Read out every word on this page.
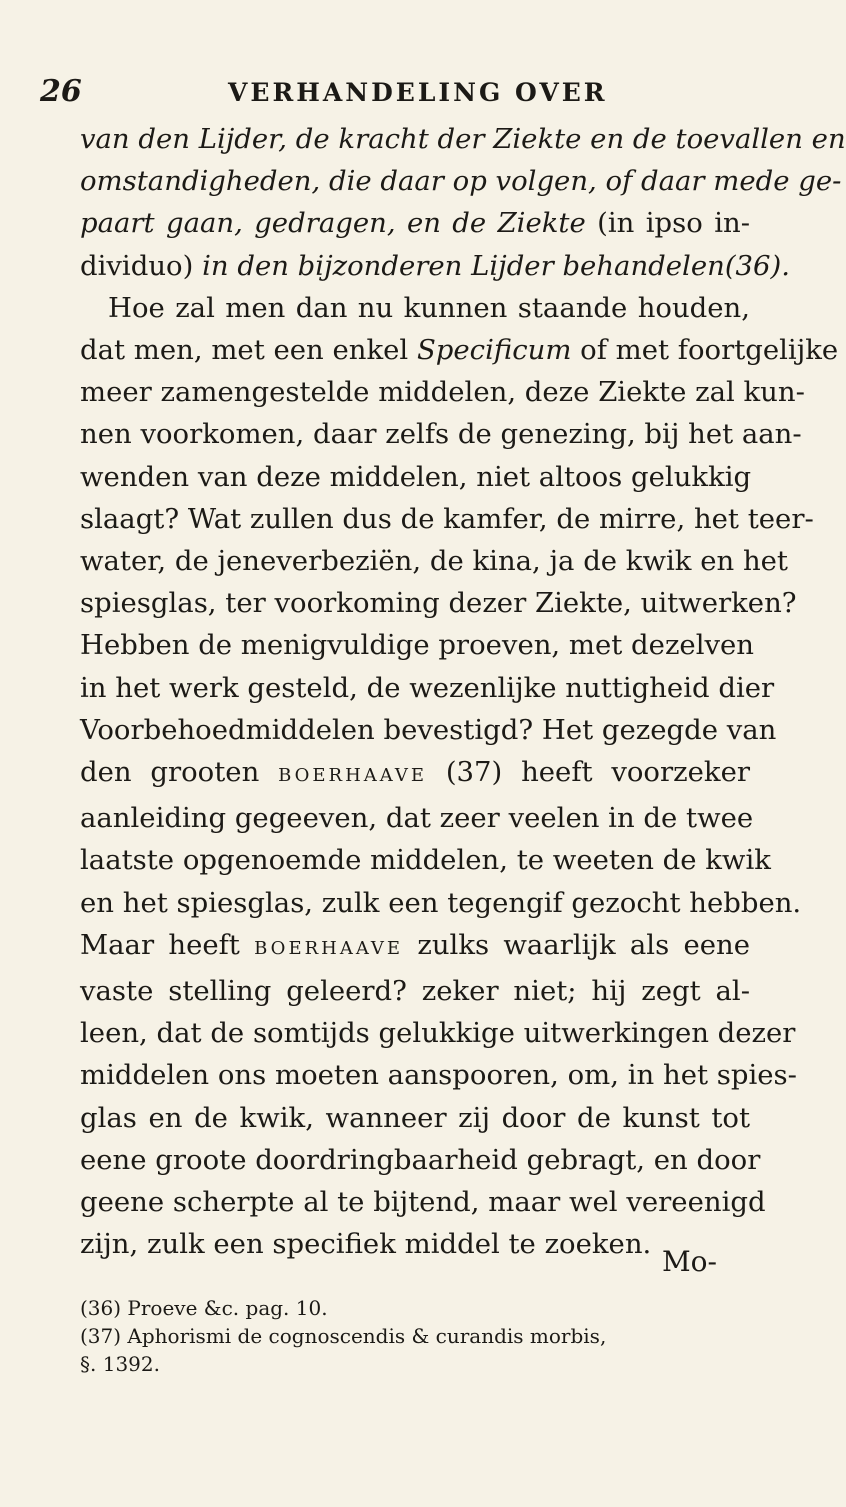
26	VERHANDELING OVER
van den Lijder, de kracht der Ziekte en de toevallen en
omstandigheden, die daar op volgen, of daar mede ge-
paart gaan, gedragen, en de Ziekte (in ipso in-
dividuo) in den bijzonderen Lijder behandelen(36).
Hoe zal men dan nu kunnen staande houden,
dat men, met een enkel Specificum of met foortgelijke
meer zamengestelde middelen, deze Ziekte zal kun-
nen voorkomen, daar zelfs de genezing, bij het aan-
wenden van deze middelen, niet altoos gelukkig
slaagt? Wat zullen dus de kamfer, de mirre, het teer-
water, de jeneverbeziën, de kina, ja de kwik en het
spiesglas, ter voorkoming dezer Ziekte, uitwerken?
Hebben de menigvuldige proeven, met dezelven
in het werk gesteld, de wezenlijke nuttigheid dier
Voorbehoedmiddelen bevestigd? Het gezegde van
den grooten BOERHAAVE (37) heeft voorzeker
aanleiding gegeeven, dat zeer veelen in de twee
laatste opgenoemde middelen, te weeten de kwik
en het spiesglas, zulk een tegengif gezocht hebben.
Maar heeft BOERHAAVE zulks waarlijk als eene
vaste stelling geleerd? zeker niet; hij zegt al-
leen, dat de somtijds gelukkige uitwerkingen dezer
middelen ons moeten aanspooren, om, in het spies-
glas en de kwik, wanneer zij door de kunst tot
eene groote doordringbaarheid gebragt, en door
geene scherpte al te bijtend, maar wel vereenigd
zijn, zulk een specifiek middel te zoeken.
Mo-
(36) Proeve &c. pag. 10.
(37) Aphorismi de cognoscendis & curandis morbis,
§. 1392.
